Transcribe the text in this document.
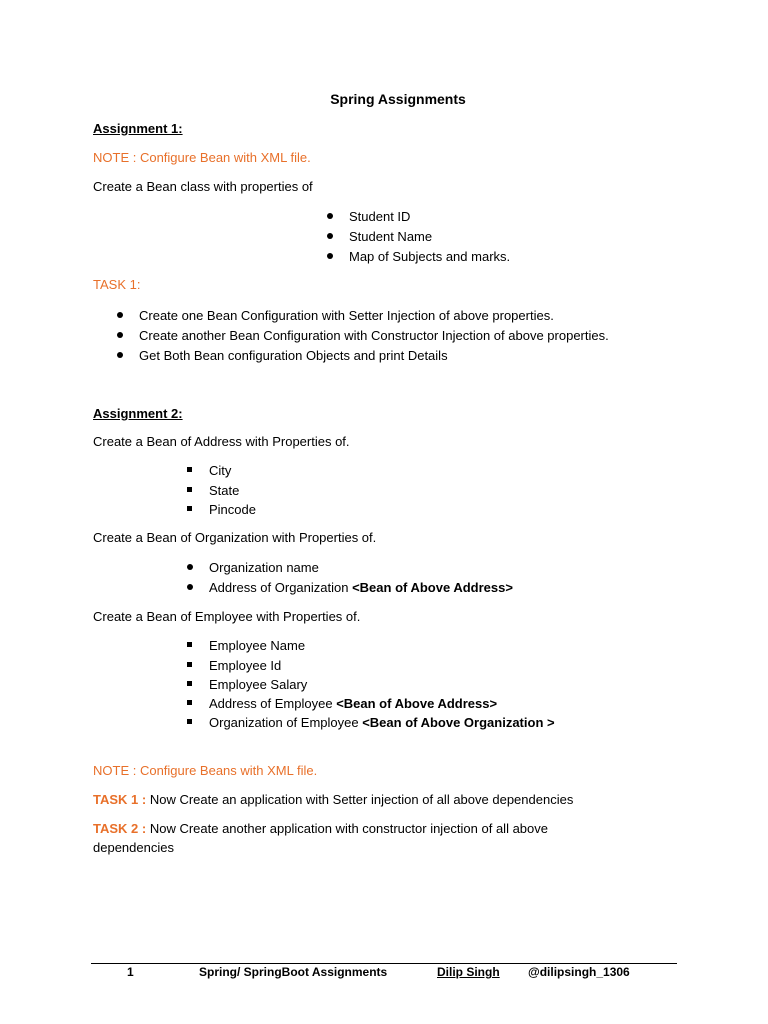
Spring Assignments
Assignment 1:
NOTE : Configure Bean with XML file.
Create a Bean class with properties of
Student ID
Student Name
Map of Subjects and marks.
TASK 1:
Create one Bean Configuration with Setter Injection of above properties.
Create another Bean Configuration with Constructor Injection of above properties.
Get Both Bean configuration Objects and print Details
Assignment 2:
Create a Bean of Address with Properties of.
City
State
Pincode
Create a Bean of Organization with Properties of.
Organization name
Address of Organization <Bean of Above Address>
Create a Bean of Employee with Properties of.
Employee Name
Employee Id
Employee Salary
Address of Employee <Bean of Above Address>
Organization of Employee <Bean of Above Organization >
NOTE : Configure Beans with XML file.
TASK 1 : Now Create an application with Setter injection of all above dependencies
TASK 2 : Now Create another application with constructor injection of all above
dependencies
1	Spring/ SpringBoot Assignments	Dilip Singh @dilipsingh_1306
